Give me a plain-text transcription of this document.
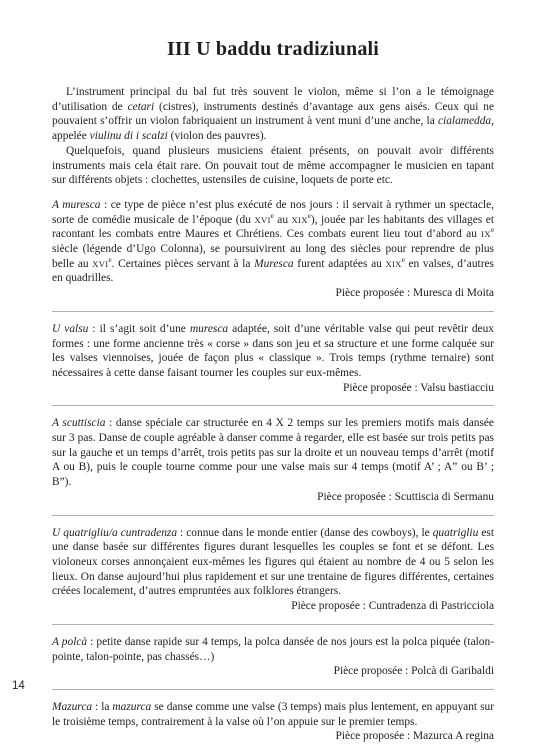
III U baddu tradiziunali

L’instrument principal du bal fut très souvent le violon, même si l’on a le témoignage d’utilisation de cetari (cistres), instruments destinés d’avantage aux gens aisés. Ceux qui ne pouvaient s’offrir un violon fabriquaient un instrument à vent muni d’une anche, la cialamedda, appelée viulinu di i scalzi (violon des pauvres).

Quelquefois, quand plusieurs musiciens étaient présents, on pouvait avoir différents instruments mais cela était rare. On pouvait tout de même accompagner le musicien en tapant sur différents objets : clochettes, ustensiles de cuisine, loquets de porte etc.

A muresca : ce type de pièce n’est plus exécuté de nos jours : il servait à rythmer un spectacle, sorte de comédie musicale de l’époque (du XVIe au XIXe), jouée par les habitants des villages et racontant les combats entre Maures et Chrétiens. Ces combats eurent lieu tout d’abord au IXe siècle (légende d’Ugo Colonna), se poursuivirent au long des siècles pour reprendre de plus belle au XVIe. Certaines pièces servant à la Muresca furent adaptées au XIXe en valses, d’autres en quadrilles.

Pièce proposée : Muresca di Moita

U valsu : il s’agit soit d’une muresca adaptée, soit d’une véritable valse qui peut revêtir deux formes : une forme ancienne très « corse » dans son jeu et sa structure et une forme calquée sur les valses viennoises, jouée de façon plus « classique ». Trois temps (rythme ternaire) sont nécessaires à cette danse faisant tourner les couples sur eux-mêmes.

Pièce proposée : Valsu bastiacciu

A scuttiscia : danse spéciale car structurée en 4 X 2 temps sur les premiers motifs mais dansée sur 3 pas. Danse de couple agréable à danser comme à regarder, elle est basée sur trois petits pas sur la gauche et un temps d’arrêt, trois petits pas sur la droite et un nouveau temps d’arrêt (motif A ou B), puis le couple tourne comme pour une valse mais sur 4 temps (motif A’ ; A” ou B’ ; B”).

Pièce proposée : Scuttiscia di Sermanu

U quatrigliu/a cuntradenza : connue dans le monde entier (danse des cowboys), le quatrigliu est une danse basée sur différentes figures durant lesquelles les couples se font et se défont. Les violoneux corses annonçaient eux-mêmes les figures qui étaient au nombre de 4 ou 5 selon les lieux. On danse aujourd’hui plus rapidement et sur une trentaine de figures différentes, certaines créées localement, d’autres empruntées aux folklores étrangers.

Pièce proposée : Cuntradenza di Pastricciola

A polcà : petite danse rapide sur 4 temps, la polca dansée de nos jours est la polca piquée (talon-pointe, talon-pointe, pas chassés…)

Pièce proposée : Polcà di Garibaldi

Mazurca : la mazurca se danse comme une valse (3 temps) mais plus lentement, en appuyant sur le troisième temps, contrairement à la valse où l’on appuie sur le premier temps.

Pièce proposée : Mazurca A regina
14
